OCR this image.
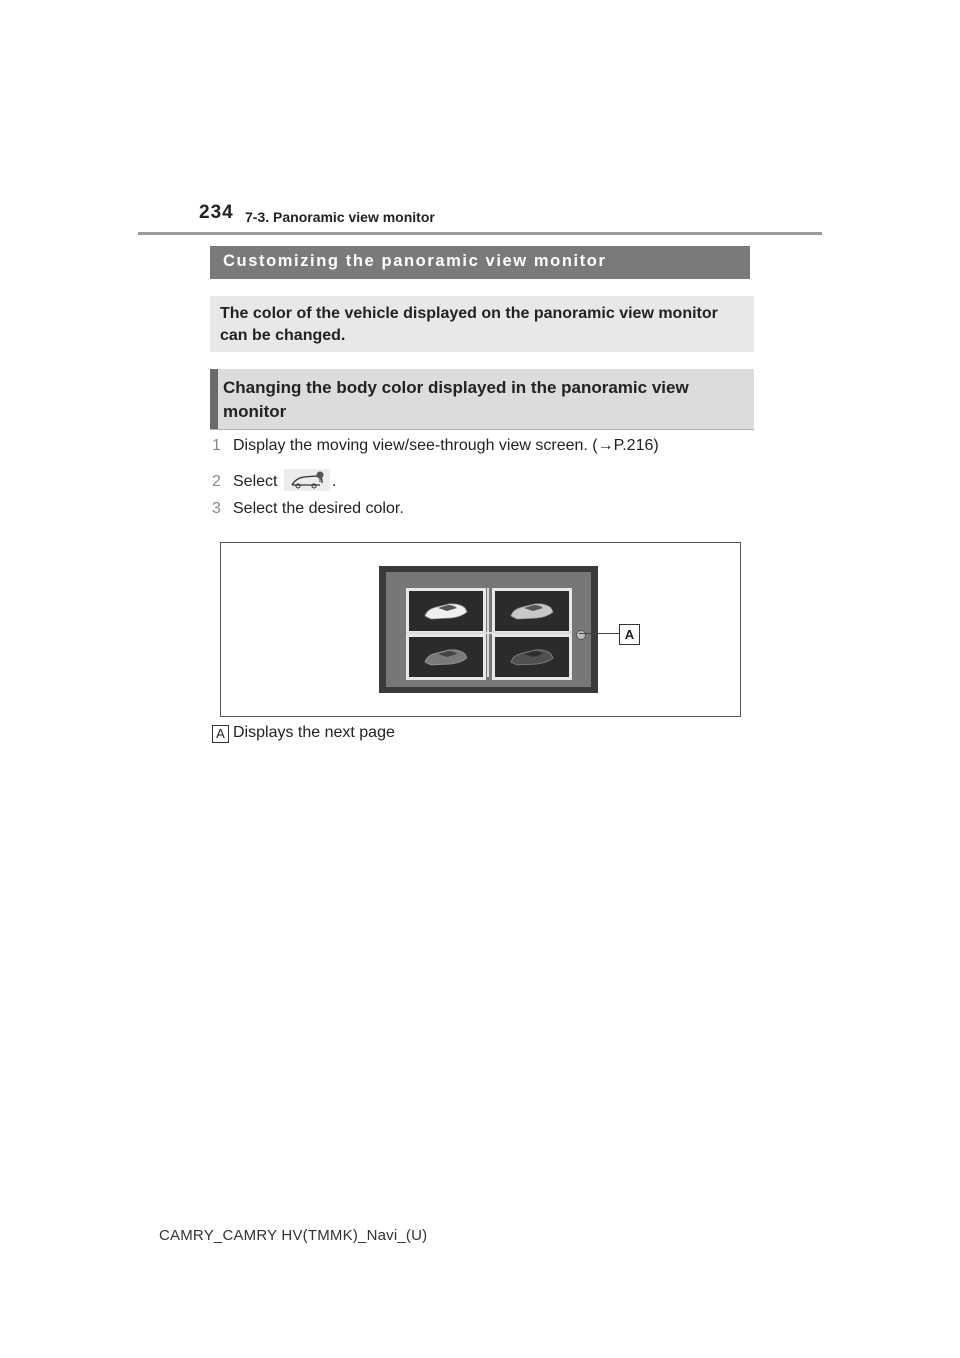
234 7-3. Panoramic view monitor
Customizing the panoramic view monitor

The color of the vehicle displayed on the panoramic view monitor can be changed.

Changing the body color displayed in the panoramic view monitor

1 Display the moving view/see-through view screen. (→P.216)
2 Select	.
3 Select the desired color.
A
A Displays the next page
CAMRY_CAMRY HV(TMMK)_Navi_(U)
